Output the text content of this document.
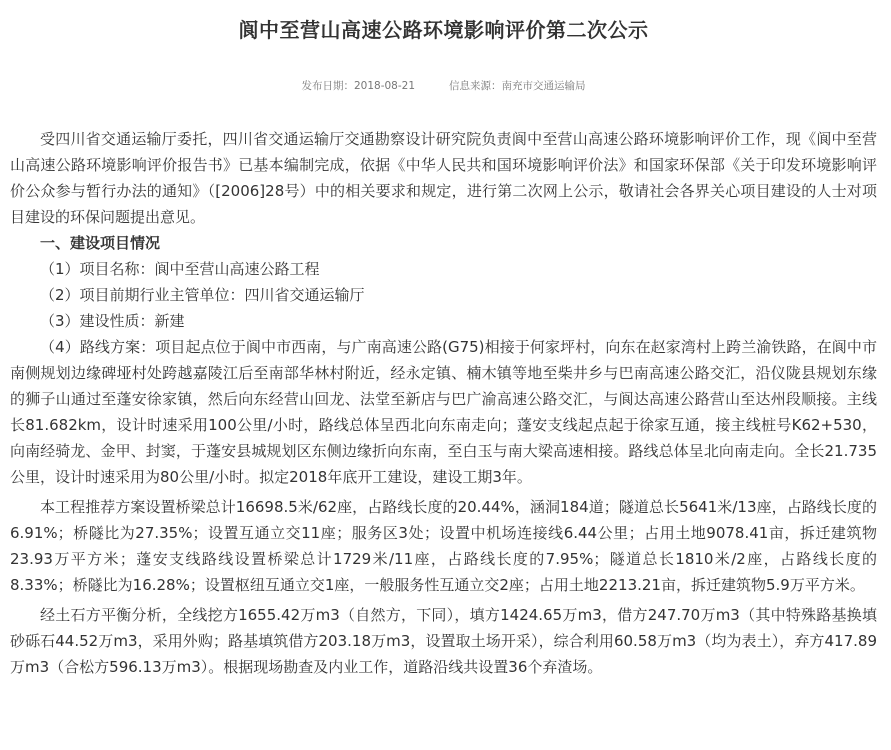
阆中至营山高速公路环境影响评价第二次公示
发布日期：2018-08-21	信息来源：南充市交通运输局

受四川省交通运输厅委托，四川省交通运输厅交通勘察设计研究院负责阆中至营山高速公路环境影响评价工作，现《阆中至营山高速公路环境影响评价报告书》已基本编制完成，依据《中华人民共和国环境影响评价法》和国家环保部《关于印发环境影响评价公众参与暂行办法的通知》（[2006]28号）中的相关要求和规定，进行第二次网上公示，敬请社会各界关心项目建设的人士对项目建设的环保问题提出意见。

一、建设项目情况

（1）项目名称：阆中至营山高速公路工程

（2）项目前期行业主管单位：四川省交通运输厅

（3）建设性质：新建

（4）路线方案：项目起点位于阆中市西南，与广南高速公路(G75)相接于何家坪村，向东在赵家湾村上跨兰渝铁路，在阆中市南侧规划边缘碑垭村处跨越嘉陵江后至南部华林村附近，经永定镇、楠木镇等地至柴井乡与巴南高速公路交汇，沿仪陇县规划东缘的狮子山通过至蓬安徐家镇，然后向东经营山回龙、法堂至新店与巴广渝高速公路交汇，与阆达高速公路营山至达州段顺接。主线长81.682km，设计时速采用100公里/小时，路线总体呈西北向东南走向；蓬安支线起点起于徐家互通，接主线桩号K62+530，向南经骑龙、金甲、封窦，于蓬安县城规划区东侧边缘折向东南，至白玉与南大梁高速相接。路线总体呈北向南走向。全长21.735公里，设计时速采用为80公里/小时。拟定2018年底开工建设，建设工期3年。

本工程推荐方案设置桥梁总计16698.5米/62座，占路线长度的20.44%，涵洞184道；隧道总长5641米/13座，占路线长度的6.91%；桥隧比为27.35%；设置互通立交11座；服务区3处；设置中机场连接线6.44公里；占用土地9078.41亩，拆迁建筑物23.93万平方米；蓬安支线路线设置桥梁总计1729米/11座，占路线长度的7.95%；隧道总长1810米/2座，占路线长度的8.33%；桥隧比为16.28%；设置枢纽互通立交1座，一般服务性互通立交2座；占用土地2213.21亩，拆迁建筑物5.9万平方米。

经土石方平衡分析，全线挖方1655.42万m3（自然方，下同），填方1424.65万m3，借方247.70万m3（其中特殊路基换填砂砾石44.52万m3，采用外购；路基填筑借方203.18万m3，设置取土场开采），综合利用60.58万m3（均为表土），弃方417.89万m3（合松方596.13万m3）。根据现场勘查及内业工作，道路沿线共设置36个弃渣场。
